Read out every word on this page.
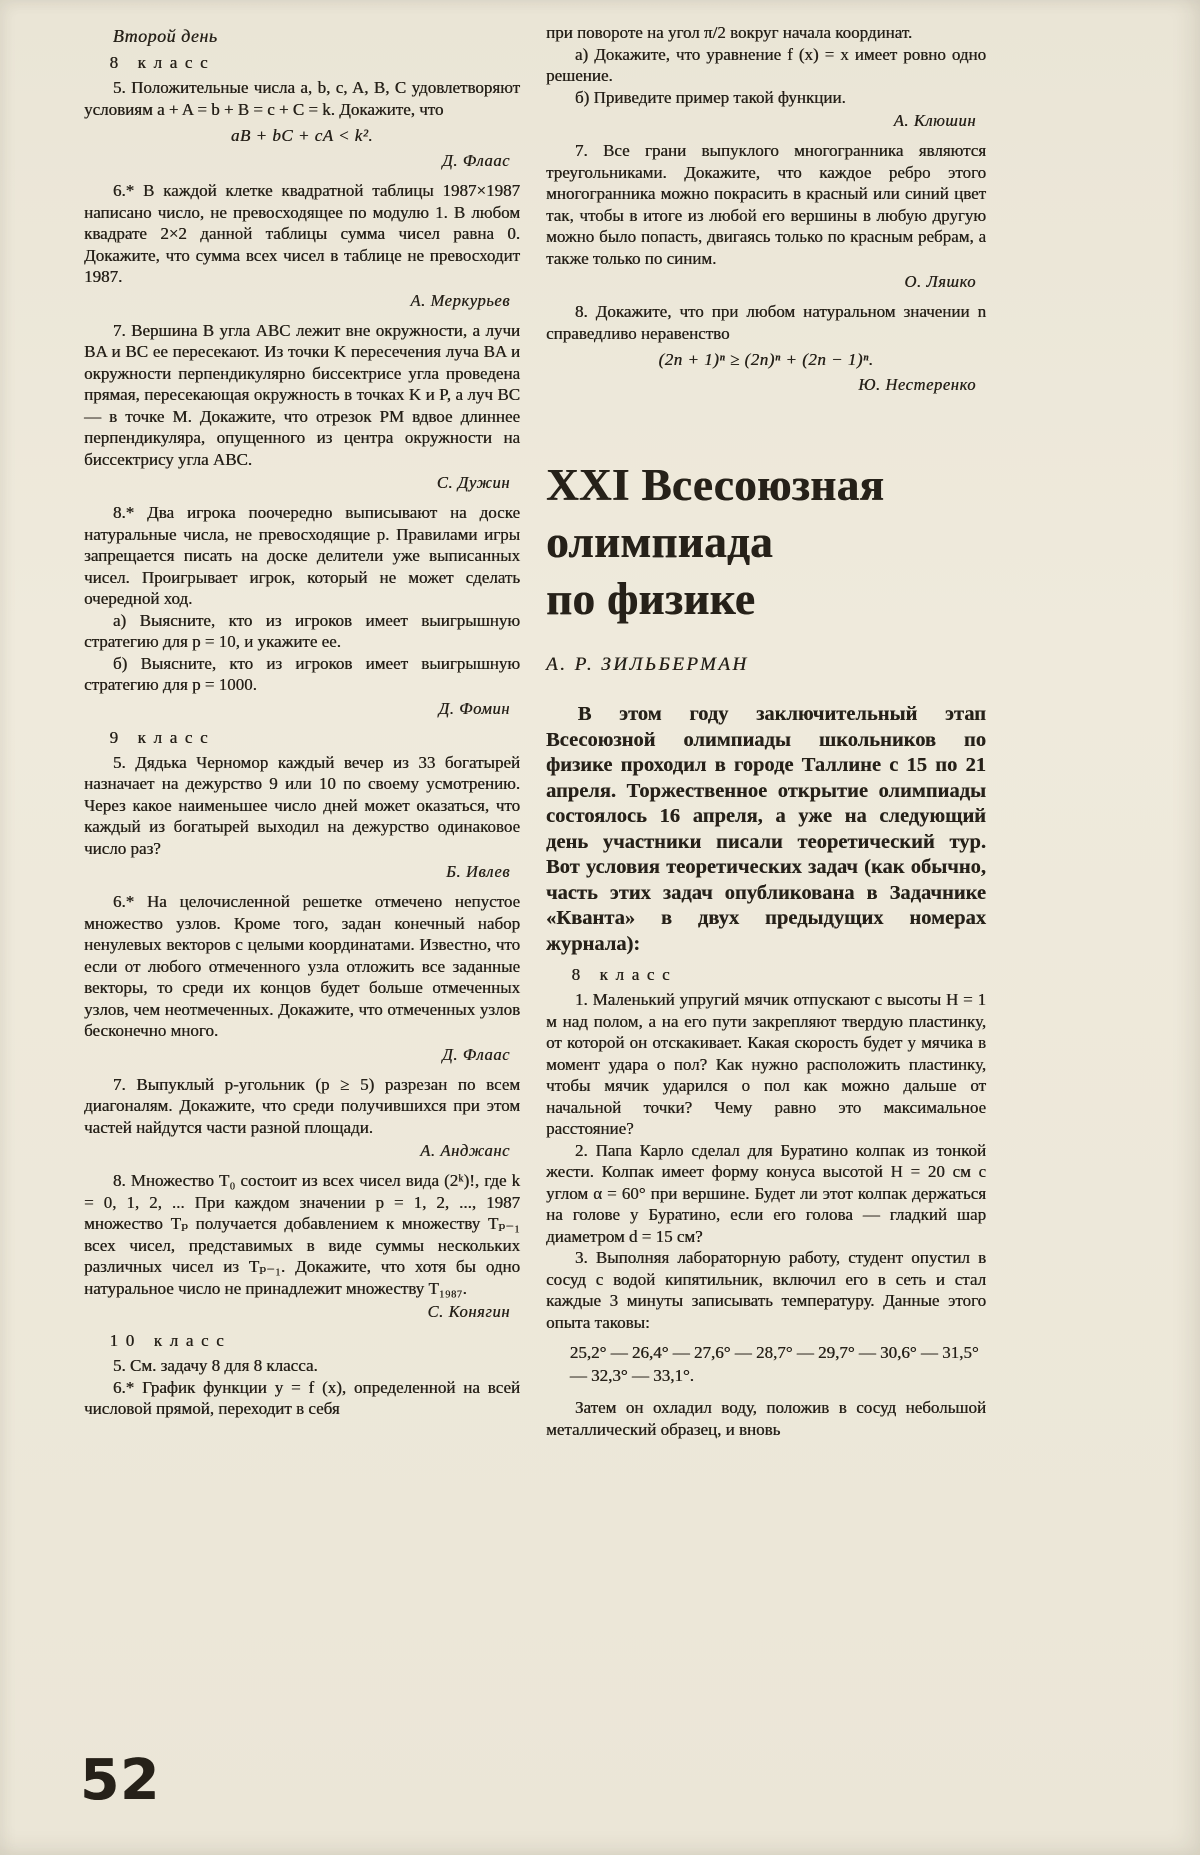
Второй день

8 класс

5. Положительные числа a, b, c, A, B, C удовлетворяют условиям a + A = b + B = c + C = k. Докажите, что

aB + bC + cA < k².

Д. Флаас

6.* В каждой клетке квадратной таблицы 1987×1987 написано число, не превосходящее по модулю 1. В любом квадрате 2×2 данной таблицы сумма чисел равна 0. Докажите, что сумма всех чисел в таблице не превосходит 1987.

А. Меркурьев

7. Вершина B угла ABC лежит вне окружности, а лучи BA и BC ее пересекают. Из точки K пересечения луча BA и окружности перпендикулярно биссектрисе угла проведена прямая, пересекающая окружность в точках K и P, а луч BC — в точке M. Докажите, что отрезок PM вдвое длиннее перпендикуляра, опущенного из центра окружности на биссектрису угла ABC.

С. Дужин

8.* Два игрока поочередно выписывают на доске натуральные числа, не превосходящие p. Правилами игры запрещается писать на доске делители уже выписанных чисел. Проигрывает игрок, который не может сделать очередной ход.

а) Выясните, кто из игроков имеет выигрышную стратегию для p = 10, и укажите ее.

б) Выясните, кто из игроков имеет выигрышную стратегию для p = 1000.

Д. Фомин

9 класс

5. Дядька Черномор каждый вечер из 33 богатырей назначает на дежурство 9 или 10 по своему усмотрению. Через какое наименьшее число дней может оказаться, что каждый из богатырей выходил на дежурство одинаковое число раз?

Б. Ивлев

6.* На целочисленной решетке отмечено непустое множество узлов. Кроме того, задан конечный набор ненулевых векторов с целыми координатами. Известно, что если от любого отмеченного узла отложить все заданные векторы, то среди их концов будет больше отмеченных узлов, чем неотмеченных. Докажите, что отмеченных узлов бесконечно много.

Д. Флаас

7. Выпуклый p-угольник (p ≥ 5) разрезан по всем диагоналям. Докажите, что среди получившихся при этом частей найдутся части разной площади.

А. Анджанс

8. Множество T₀ состоит из всех чисел вида (2ᵏ)!, где k = 0, 1, 2, ... При каждом значении p = 1, 2, ..., 1987 множество Tₚ получается добавлением к множеству Tₚ₋₁ всех чисел, представимых в виде суммы нескольких различных чисел из Tₚ₋₁. Докажите, что хотя бы одно натуральное число не принадлежит множеству T₁₉₈₇.

С. Конягин

10 класс

5. См. задачу 8 для 8 класса.

6.* График функции y = f (x), определенной на всей числовой прямой, переходит в себя

при повороте на угол π/2 вокруг начала координат.

а) Докажите, что уравнение f (x) = x имеет ровно одно решение.

б) Приведите пример такой функции.

А. Клюшин

7. Все грани выпуклого многогранника являются треугольниками. Докажите, что каждое ребро этого многогранника можно покрасить в красный или синий цвет так, чтобы в итоге из любой его вершины в любую другую можно было попасть, двигаясь только по красным ребрам, а также только по синим.

О. Ляшко

8. Докажите, что при любом натуральном значении n справедливо неравенство

(2n + 1)ⁿ ≥ (2n)ⁿ + (2n − 1)ⁿ.

Ю. Нестеренко

XXI Всесоюзная
олимпиада
по физике

А. Р. ЗИЛЬБЕРМАН

В этом году заключительный этап Всесоюзной олимпиады школьников по физике проходил в городе Таллине с 15 по 21 апреля. Торжественное открытие олимпиады состоялось 16 апреля, а уже на следующий день участники писали теоретический тур. Вот условия теоретических задач (как обычно, часть этих задач опубликована в Задачнике «Кванта» в двух предыдущих номерах журнала):

8 класс

1. Маленький упругий мячик отпускают с высоты H = 1 м над полом, а на его пути закрепляют твердую пластинку, от которой он отскакивает. Какая скорость будет у мячика в момент удара о пол? Как нужно расположить пластинку, чтобы мячик ударился о пол как можно дальше от начальной точки? Чему равно это максимальное расстояние?

2. Папа Карло сделал для Буратино колпак из тонкой жести. Колпак имеет форму конуса высотой H = 20 см с углом α = 60° при вершине. Будет ли этот колпак держаться на голове у Буратино, если его голова — гладкий шар диаметром d = 15 см?

3. Выполняя лабораторную работу, студент опустил в сосуд с водой кипятильник, включил его в сеть и стал каждые 3 минуты записывать температуру. Данные этого опыта таковы:

25,2° — 26,4° — 27,6° — 28,7° — 29,7° — 30,6° — 31,5° — 32,3° — 33,1°.

Затем он охладил воду, положив в сосуд небольшой металлический образец, и вновь

52
